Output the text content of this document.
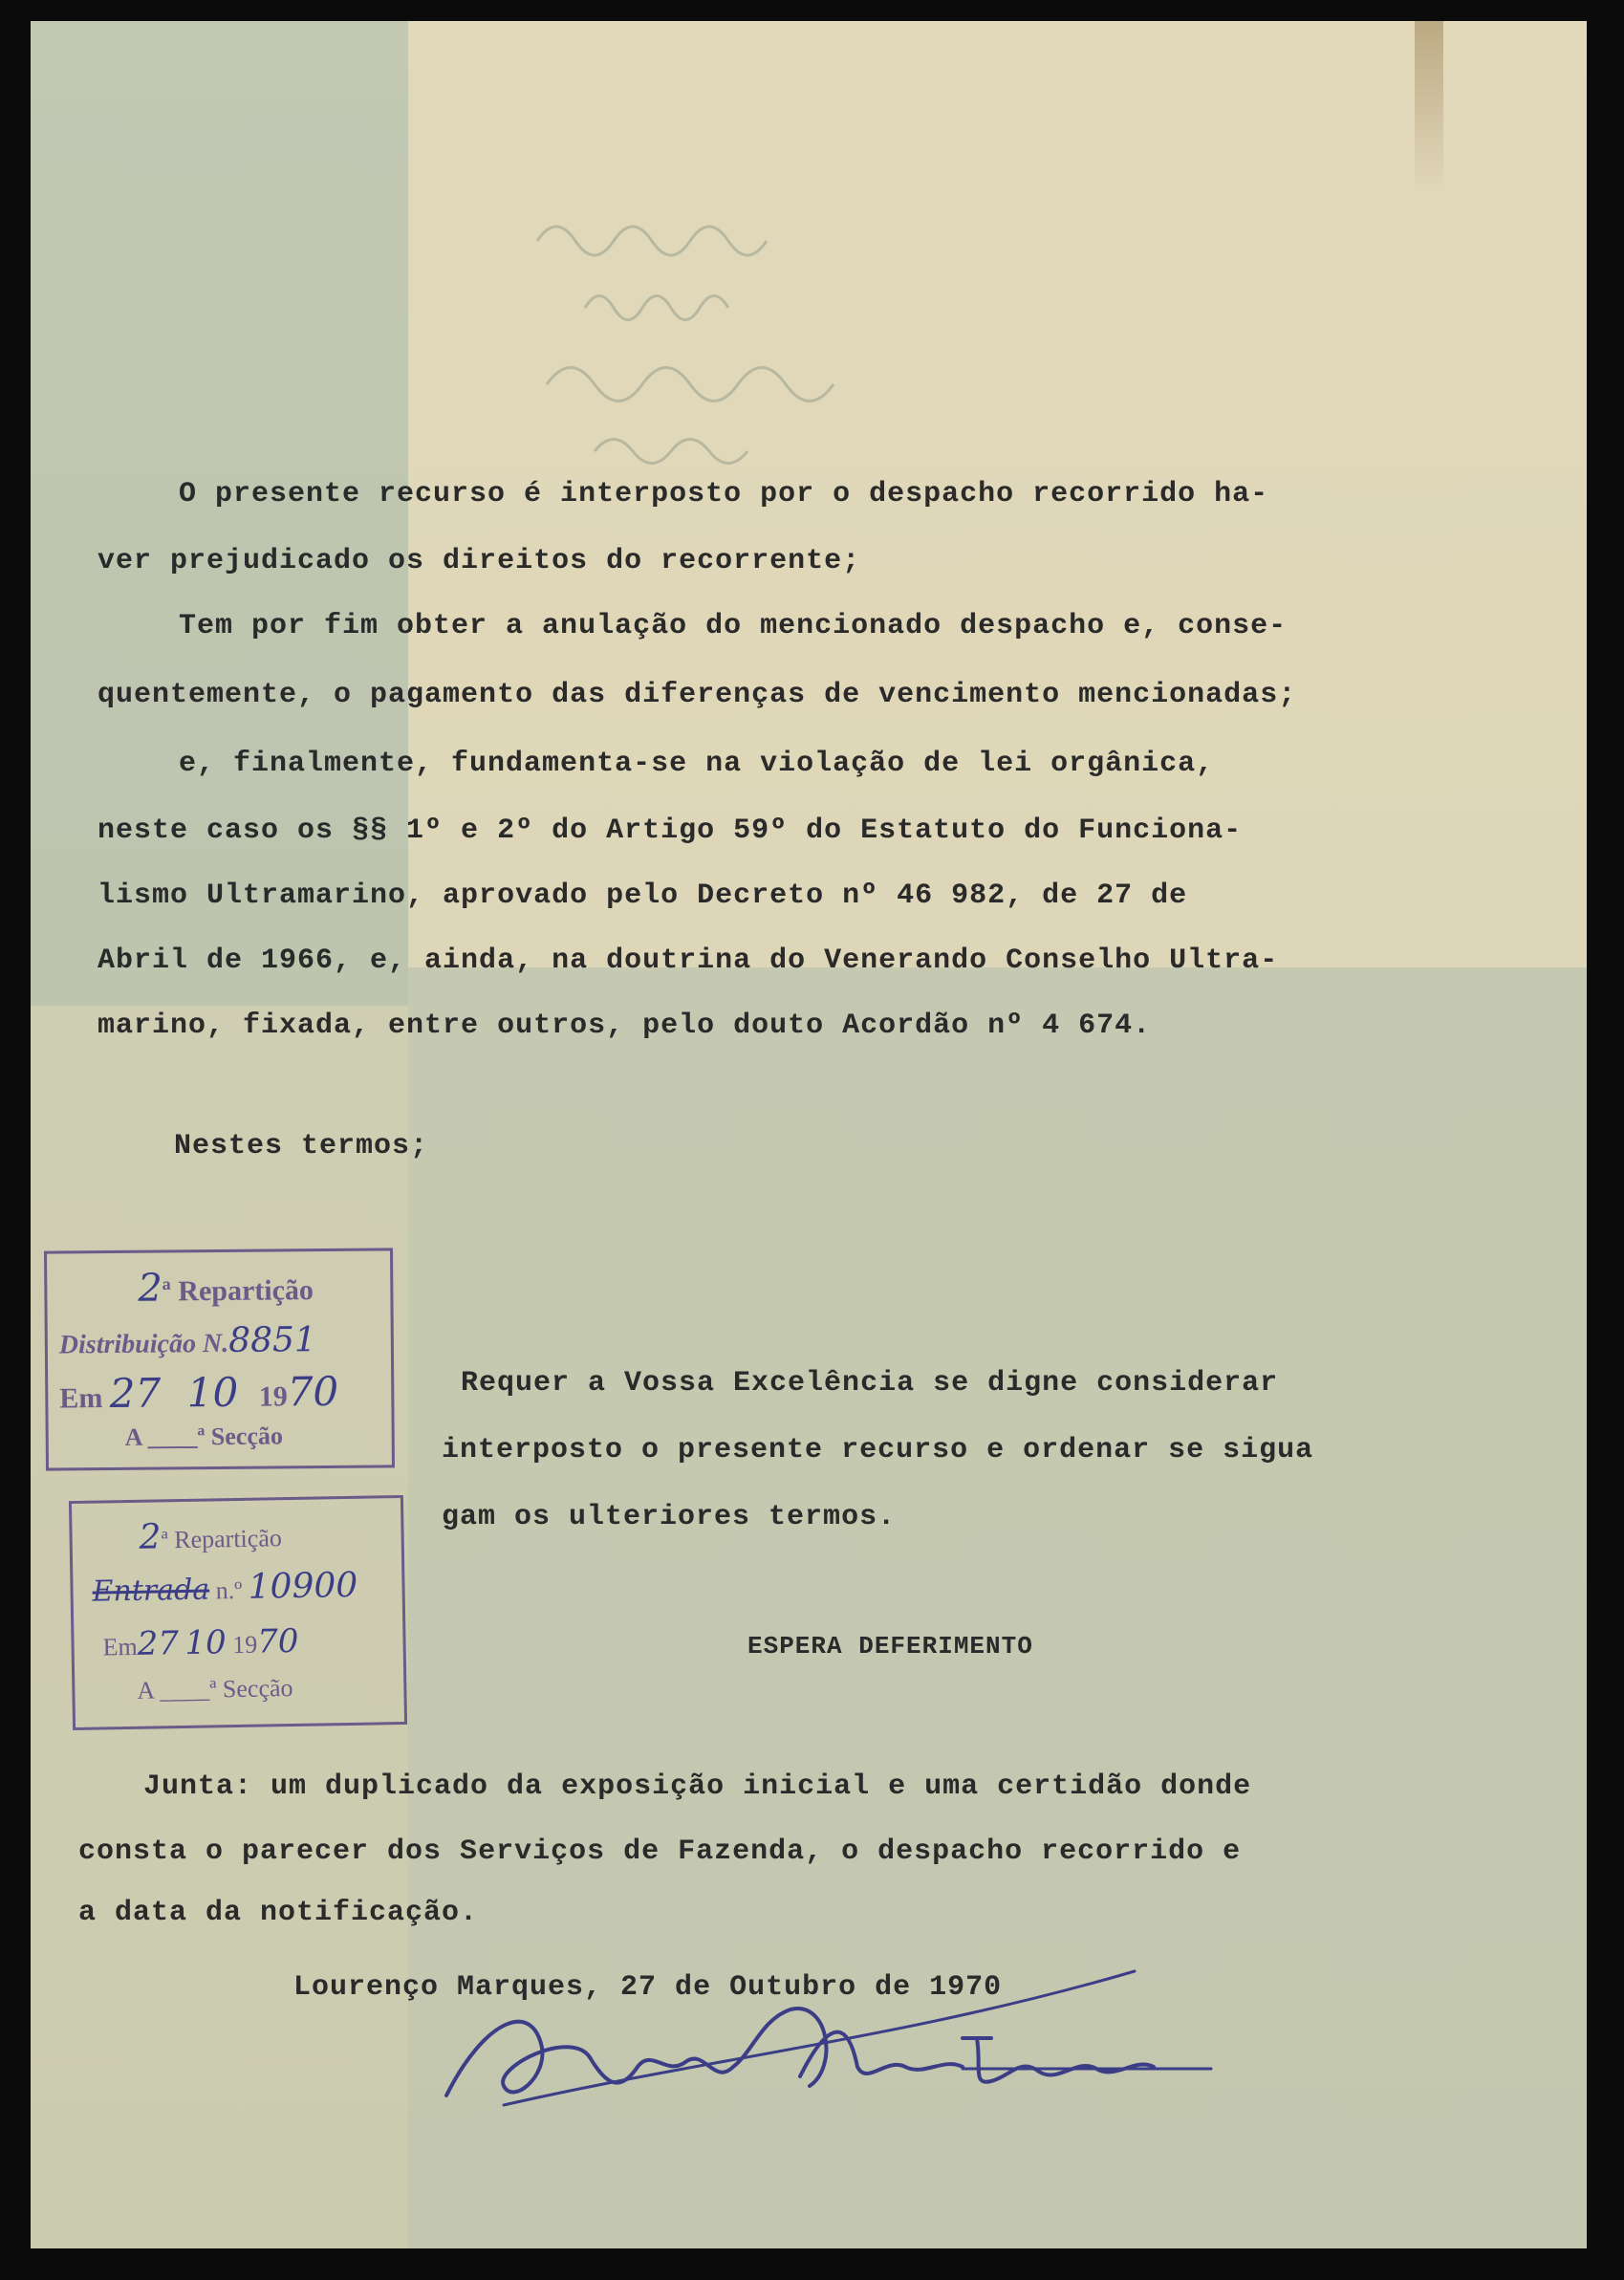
O presente recurso é interposto por o despacho recorrido ha-

ver prejudicado os direitos do recorrente;

Tem por fim obter a anulação do mencionado despacho e, conse-

quentemente, o pagamento das diferenças de vencimento mencionadas;

e, finalmente, fundamenta-se na violação de lei orgânica,

neste caso os §§ 1º e 2º do Artigo 59º do Estatuto do Funciona-

lismo Ultramarino, aprovado pelo Decreto nº 46 982, de 27 de

Abril de 1966, e, ainda, na doutrina do Venerando Conselho Ultra-

marino, fixada, entre outros, pelo douto Acordão nº 4 674.

Nestes termos;

2ª Repartição
Distribuição N.8851
Em 27 10 1970
A ____ª Secção
2ª Repartição
Entrada n.º 10900
Em27 10 1970
A ____ª Secção

Requer a Vossa Excelência se digne considerar

interposto o presente recurso e ordenar se sigua

gam os ulteriores termos.

ESPERA DEFERIMENTO

Junta: um duplicado da exposição inicial e uma certidão donde

consta o parecer dos Serviços de Fazenda, o despacho recorrido e

a data da notificação.

Lourenço Marques, 27 de Outubro de 1970
